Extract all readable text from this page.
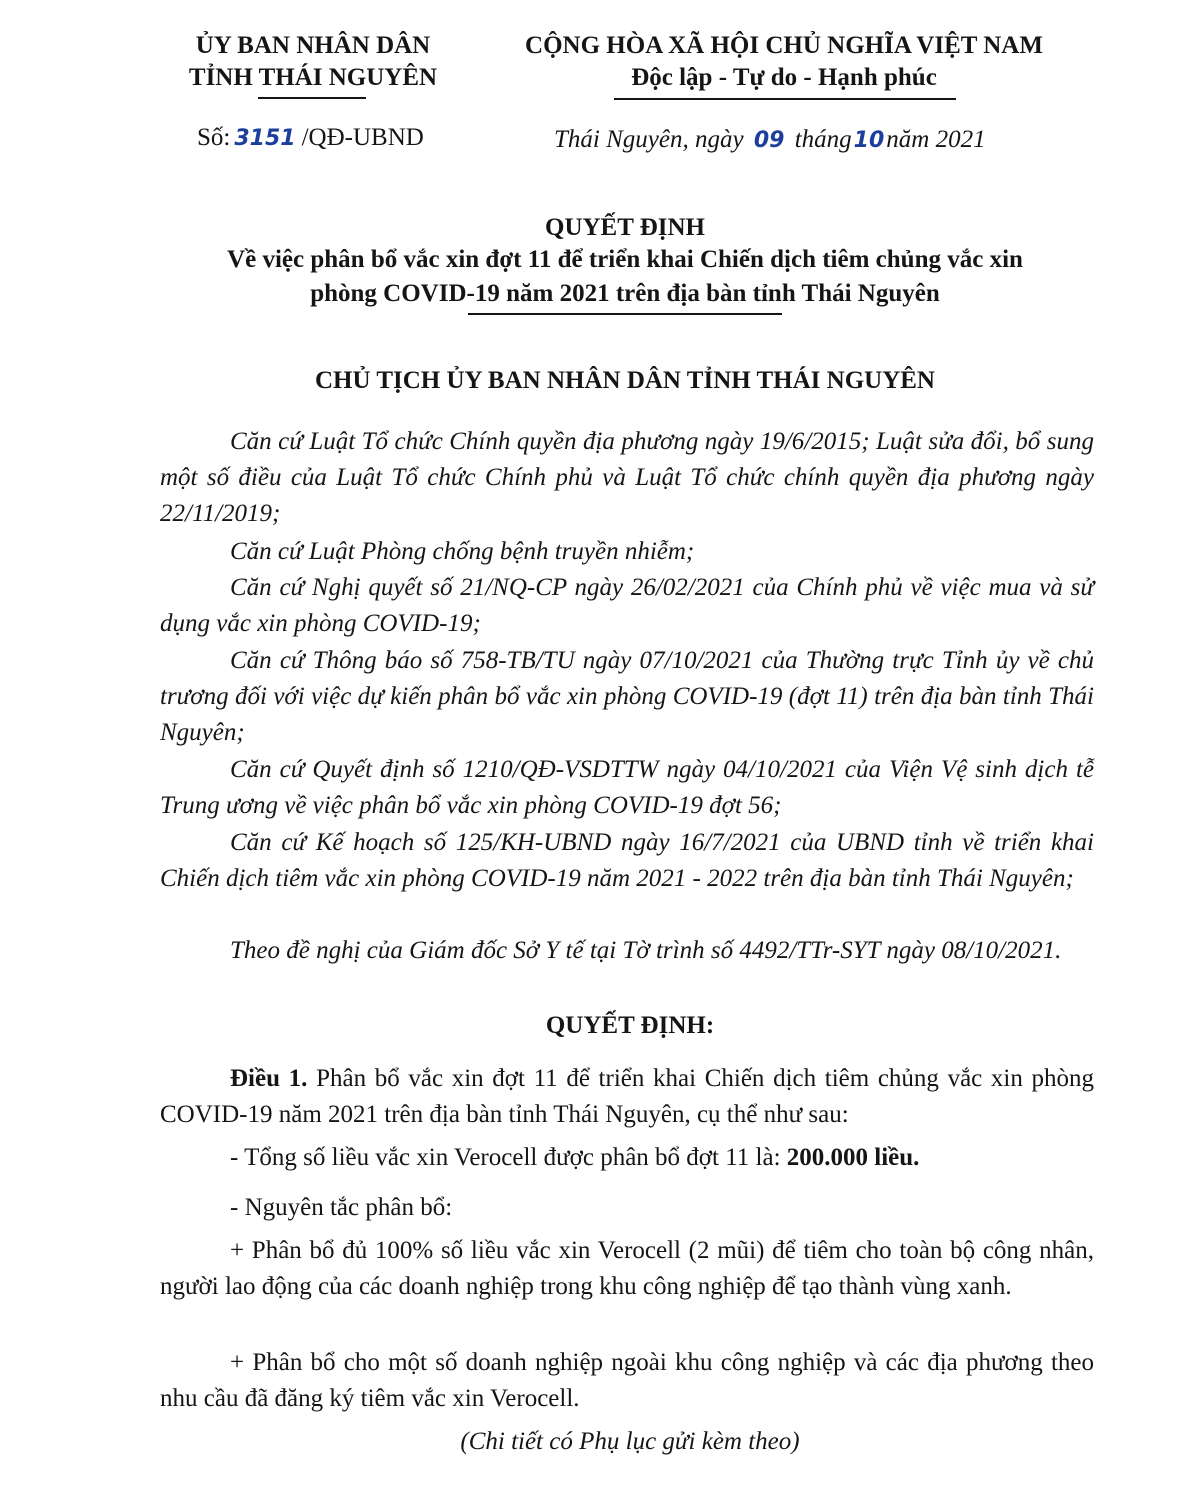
ỦY BAN NHÂN DÂN
TỈNH THÁI NGUYÊN
CỘNG HÒA XÃ HỘI CHỦ NGHĨA VIỆT NAM
Độc lập - Tự do - Hạnh phúc
Số: 3151 /QĐ-UBND	Thái Nguyên, ngày 09 tháng10năm 2021
QUYẾT ĐỊNH
Về việc phân bổ vắc xin đợt 11 để triển khai Chiến dịch tiêm chủng vắc xin
phòng COVID-19 năm 2021 trên địa bàn tỉnh Thái Nguyên
CHỦ TỊCH ỦY BAN NHÂN DÂN TỈNH THÁI NGUYÊN
Căn cứ Luật Tổ chức Chính quyền địa phương ngày 19/6/2015; Luật sửa đổi, bổ sung một số điều của Luật Tổ chức Chính phủ và Luật Tổ chức chính quyền địa phương ngày 22/11/2019;
Căn cứ Luật Phòng chống bệnh truyền nhiễm;
Căn cứ Nghị quyết số 21/NQ-CP ngày 26/02/2021 của Chính phủ về việc mua và sử dụng vắc xin phòng COVID-19;
Căn cứ Thông báo số 758-TB/TU ngày 07/10/2021 của Thường trực Tỉnh ủy về chủ trương đối với việc dự kiến phân bổ vắc xin phòng COVID-19 (đợt 11) trên địa bàn tỉnh Thái Nguyên;
Căn cứ Quyết định số 1210/QĐ-VSDTTW ngày 04/10/2021 của Viện Vệ sinh dịch tễ Trung ương về việc phân bổ vắc xin phòng COVID-19 đợt 56;
Căn cứ Kế hoạch số 125/KH-UBND ngày 16/7/2021 của UBND tỉnh về triển khai Chiến dịch tiêm vắc xin phòng COVID-19 năm 2021 - 2022 trên địa bàn tỉnh Thái Nguyên;
Theo đề nghị của Giám đốc Sở Y tế tại Tờ trình số 4492/TTr-SYT ngày 08/10/2021.
QUYẾT ĐỊNH:
Điều 1. Phân bổ vắc xin đợt 11 để triển khai Chiến dịch tiêm chủng vắc xin phòng COVID-19 năm 2021 trên địa bàn tỉnh Thái Nguyên, cụ thể như sau:
- Tổng số liều vắc xin Verocell được phân bổ đợt 11 là: 200.000 liều.
- Nguyên tắc phân bổ:
+ Phân bổ đủ 100% số liều vắc xin Verocell (2 mũi) để tiêm cho toàn bộ công nhân, người lao động của các doanh nghiệp trong khu công nghiệp để tạo thành vùng xanh.
+ Phân bổ cho một số doanh nghiệp ngoài khu công nghiệp và các địa phương theo nhu cầu đã đăng ký tiêm vắc xin Verocell.
(Chi tiết có Phụ lục gửi kèm theo)
